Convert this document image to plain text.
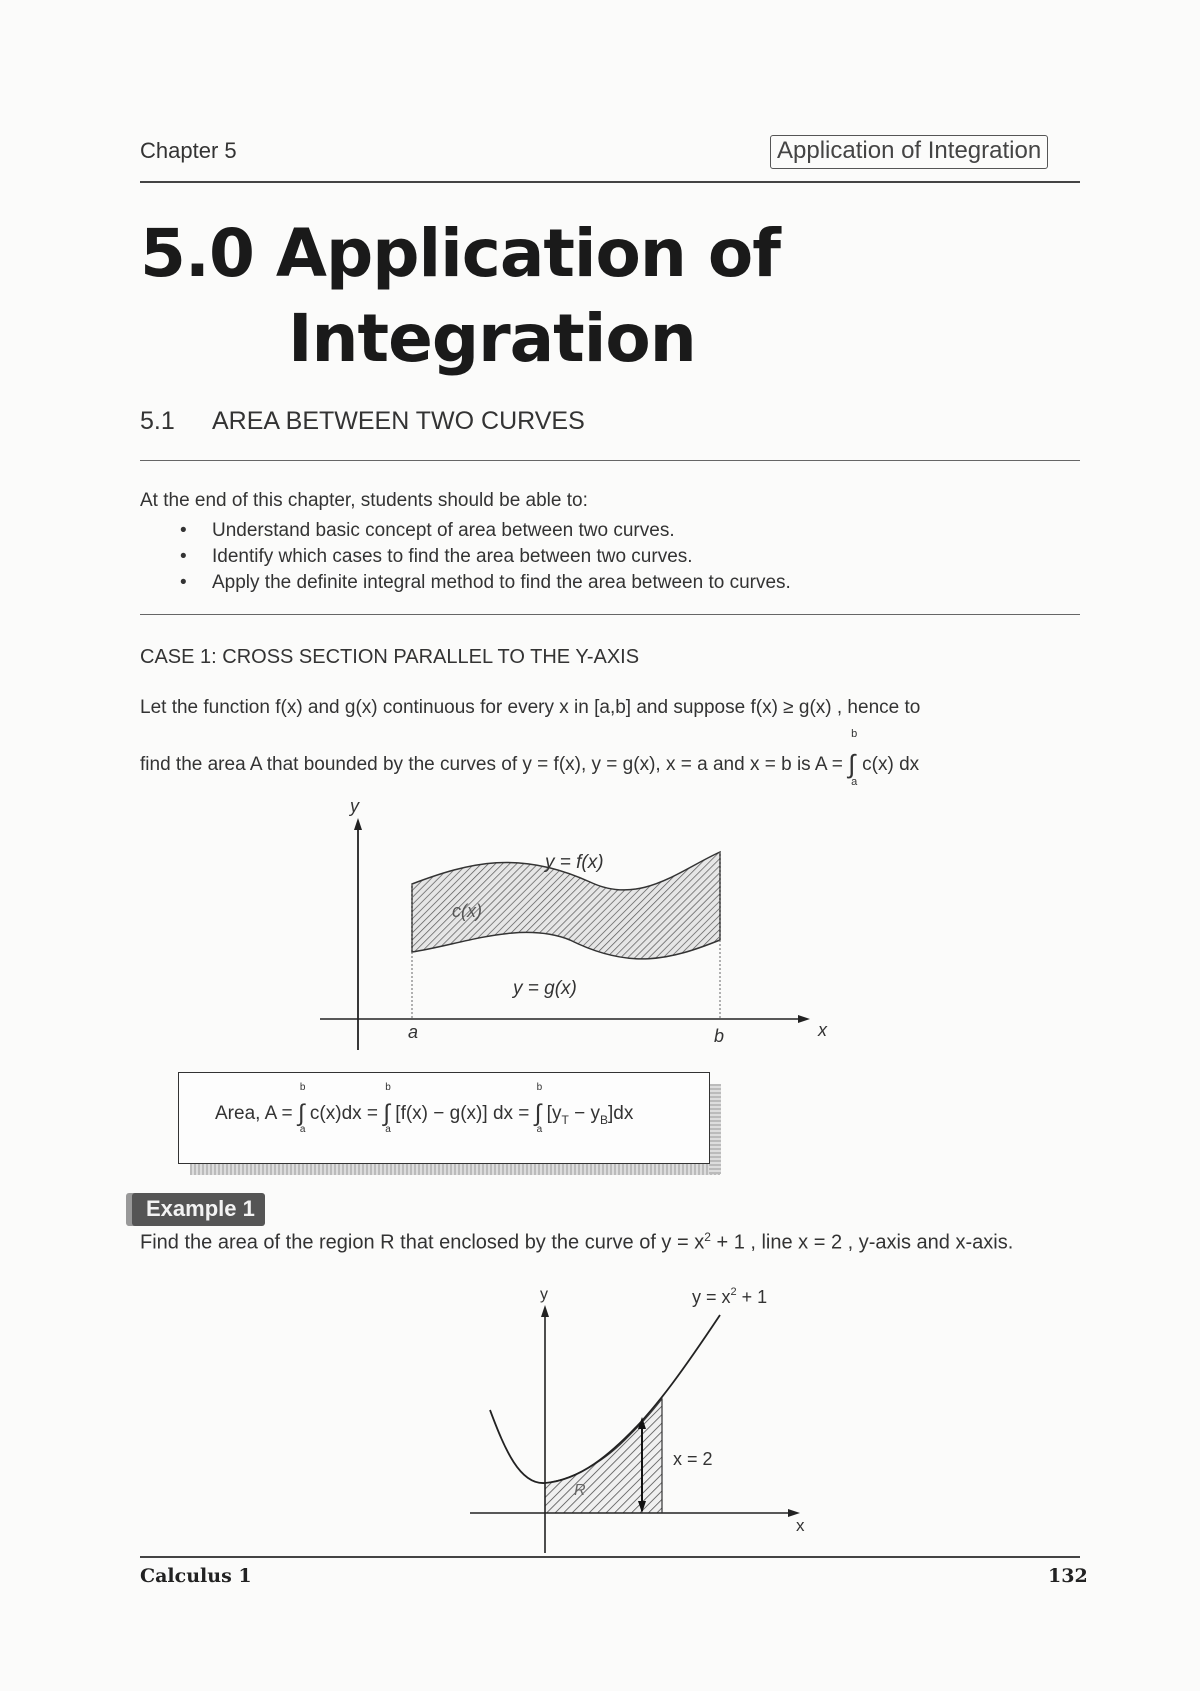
Chapter 5	Application of Integration
5.0 Application of
Integration
5.1 AREA BETWEEN TWO CURVES
At the end of this chapter, students should be able to:
• Understand basic concept of area between two curves.
• Identify which cases to find the area between two curves.
• Apply the definite integral method to find the area between to curves.
CASE 1: CROSS SECTION PARALLEL TO THE Y-AXIS
Let the function f(x) and g(x) continuous for every x in [a,b] and suppose f(x) ≥ g(x) , hence to
find the area A that bounded by the curves of y = f(x), y = g(x), x = a and x = b is A = ∫
b
a
c(x) dx
y
x
y = f(x)
y = g(x)
c(x)
a	b
Area, A = ∫
b
a
c(x)dx = ∫
b
a
[f(x) − g(x)] dx = ∫
b
a
$[y_T - y_B]dx$
Example 1
Find the area of the region R that enclosed by the curve of $y = x^2 + 1$ , line x = 2 , y-axis and x-axis.
y
x
$y = x^2 + 1$
x = 2
R
Calculus 1	132
